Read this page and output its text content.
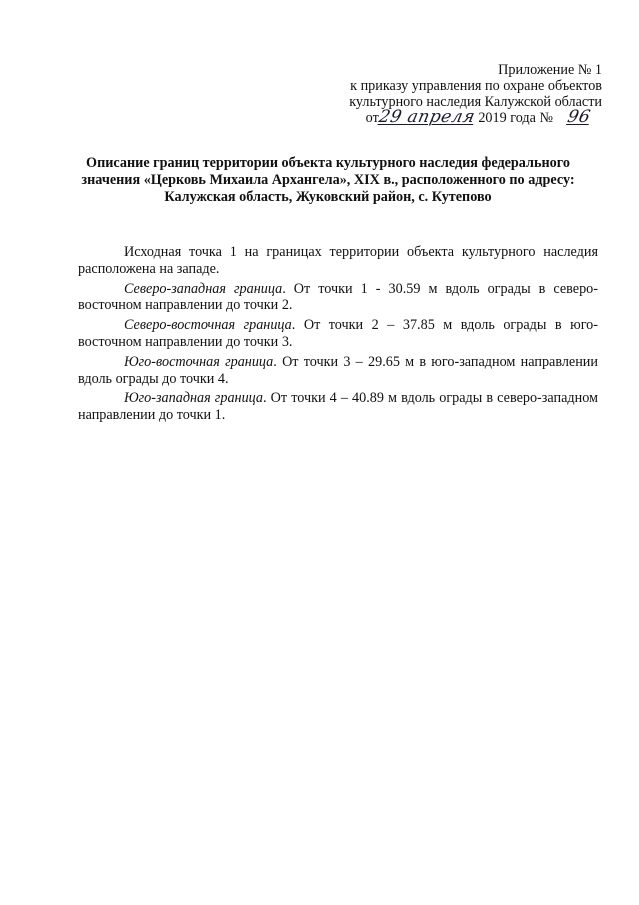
Приложение № 1
к приказу управления по охране объектов
культурного наследия Калужской области
от29 апреля 2019 года № 96
Описание границ территории объекта культурного наследия федерального
значения «Церковь Михаила Архангела», XIX в., расположенного по адресу:
Калужская область, Жуковский район, с. Кутепово

Исходная точка 1 на границах территории объекта культурного наследия расположена на западе.

Северо-западная граница. От точки 1 - 30.59 м вдоль ограды в северо-восточном направлении до точки 2.

Северо-восточная граница. От точки 2 – 37.85 м вдоль ограды в юго-восточном направлении до точки 3.

Юго-восточная граница. От точки 3 – 29.65 м в юго-западном направлении вдоль ограды до точки 4.

Юго-западная граница. От точки 4 – 40.89 м вдоль ограды в северо-западном направлении до точки 1.
